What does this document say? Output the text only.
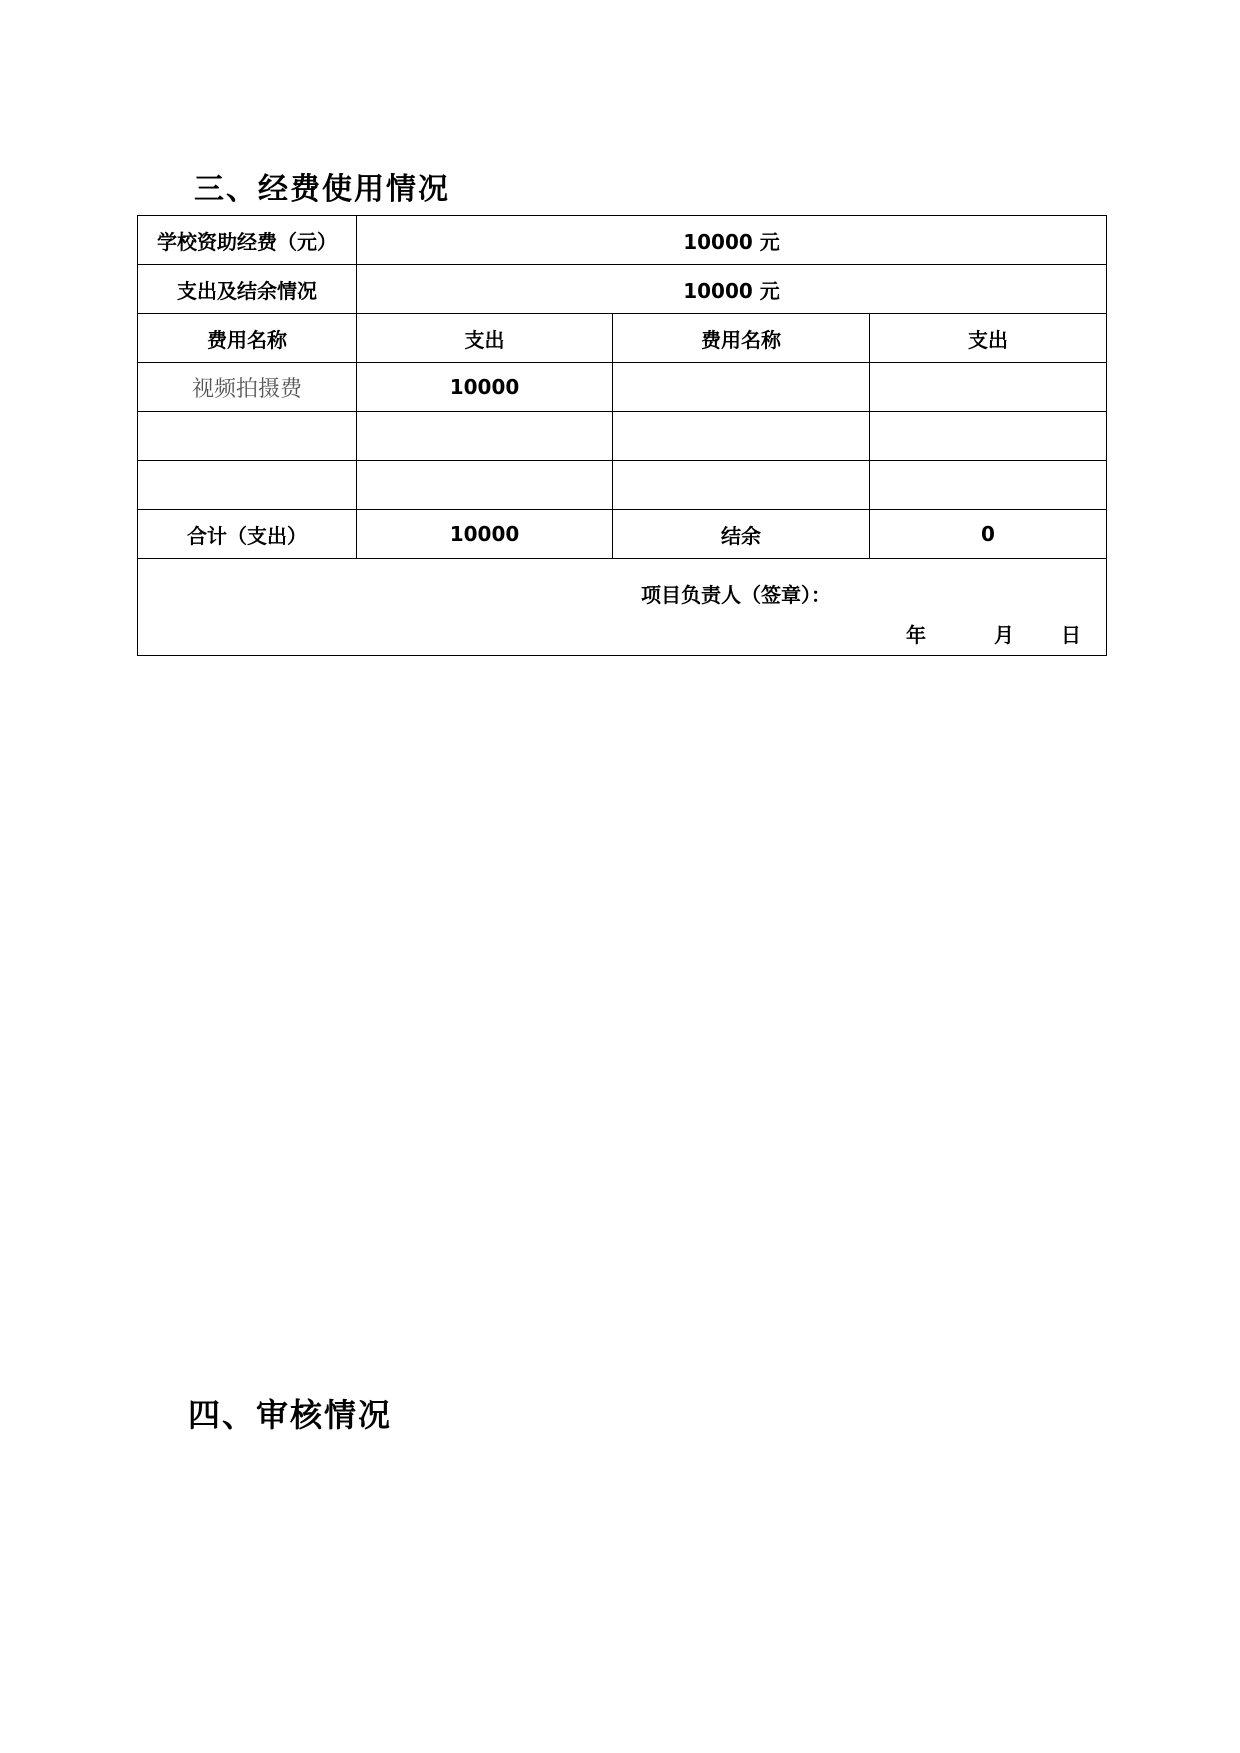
三、经费使用情况
学校资助经费（元）	10000 元		
支出及结余情况	10000 元		
费用名称	支出	费用名称	支出
视频拍摄费	10000		

合计（支出）	10000	结余	0

项目负责人（签章）：
年 月 日			
四、审核情况
